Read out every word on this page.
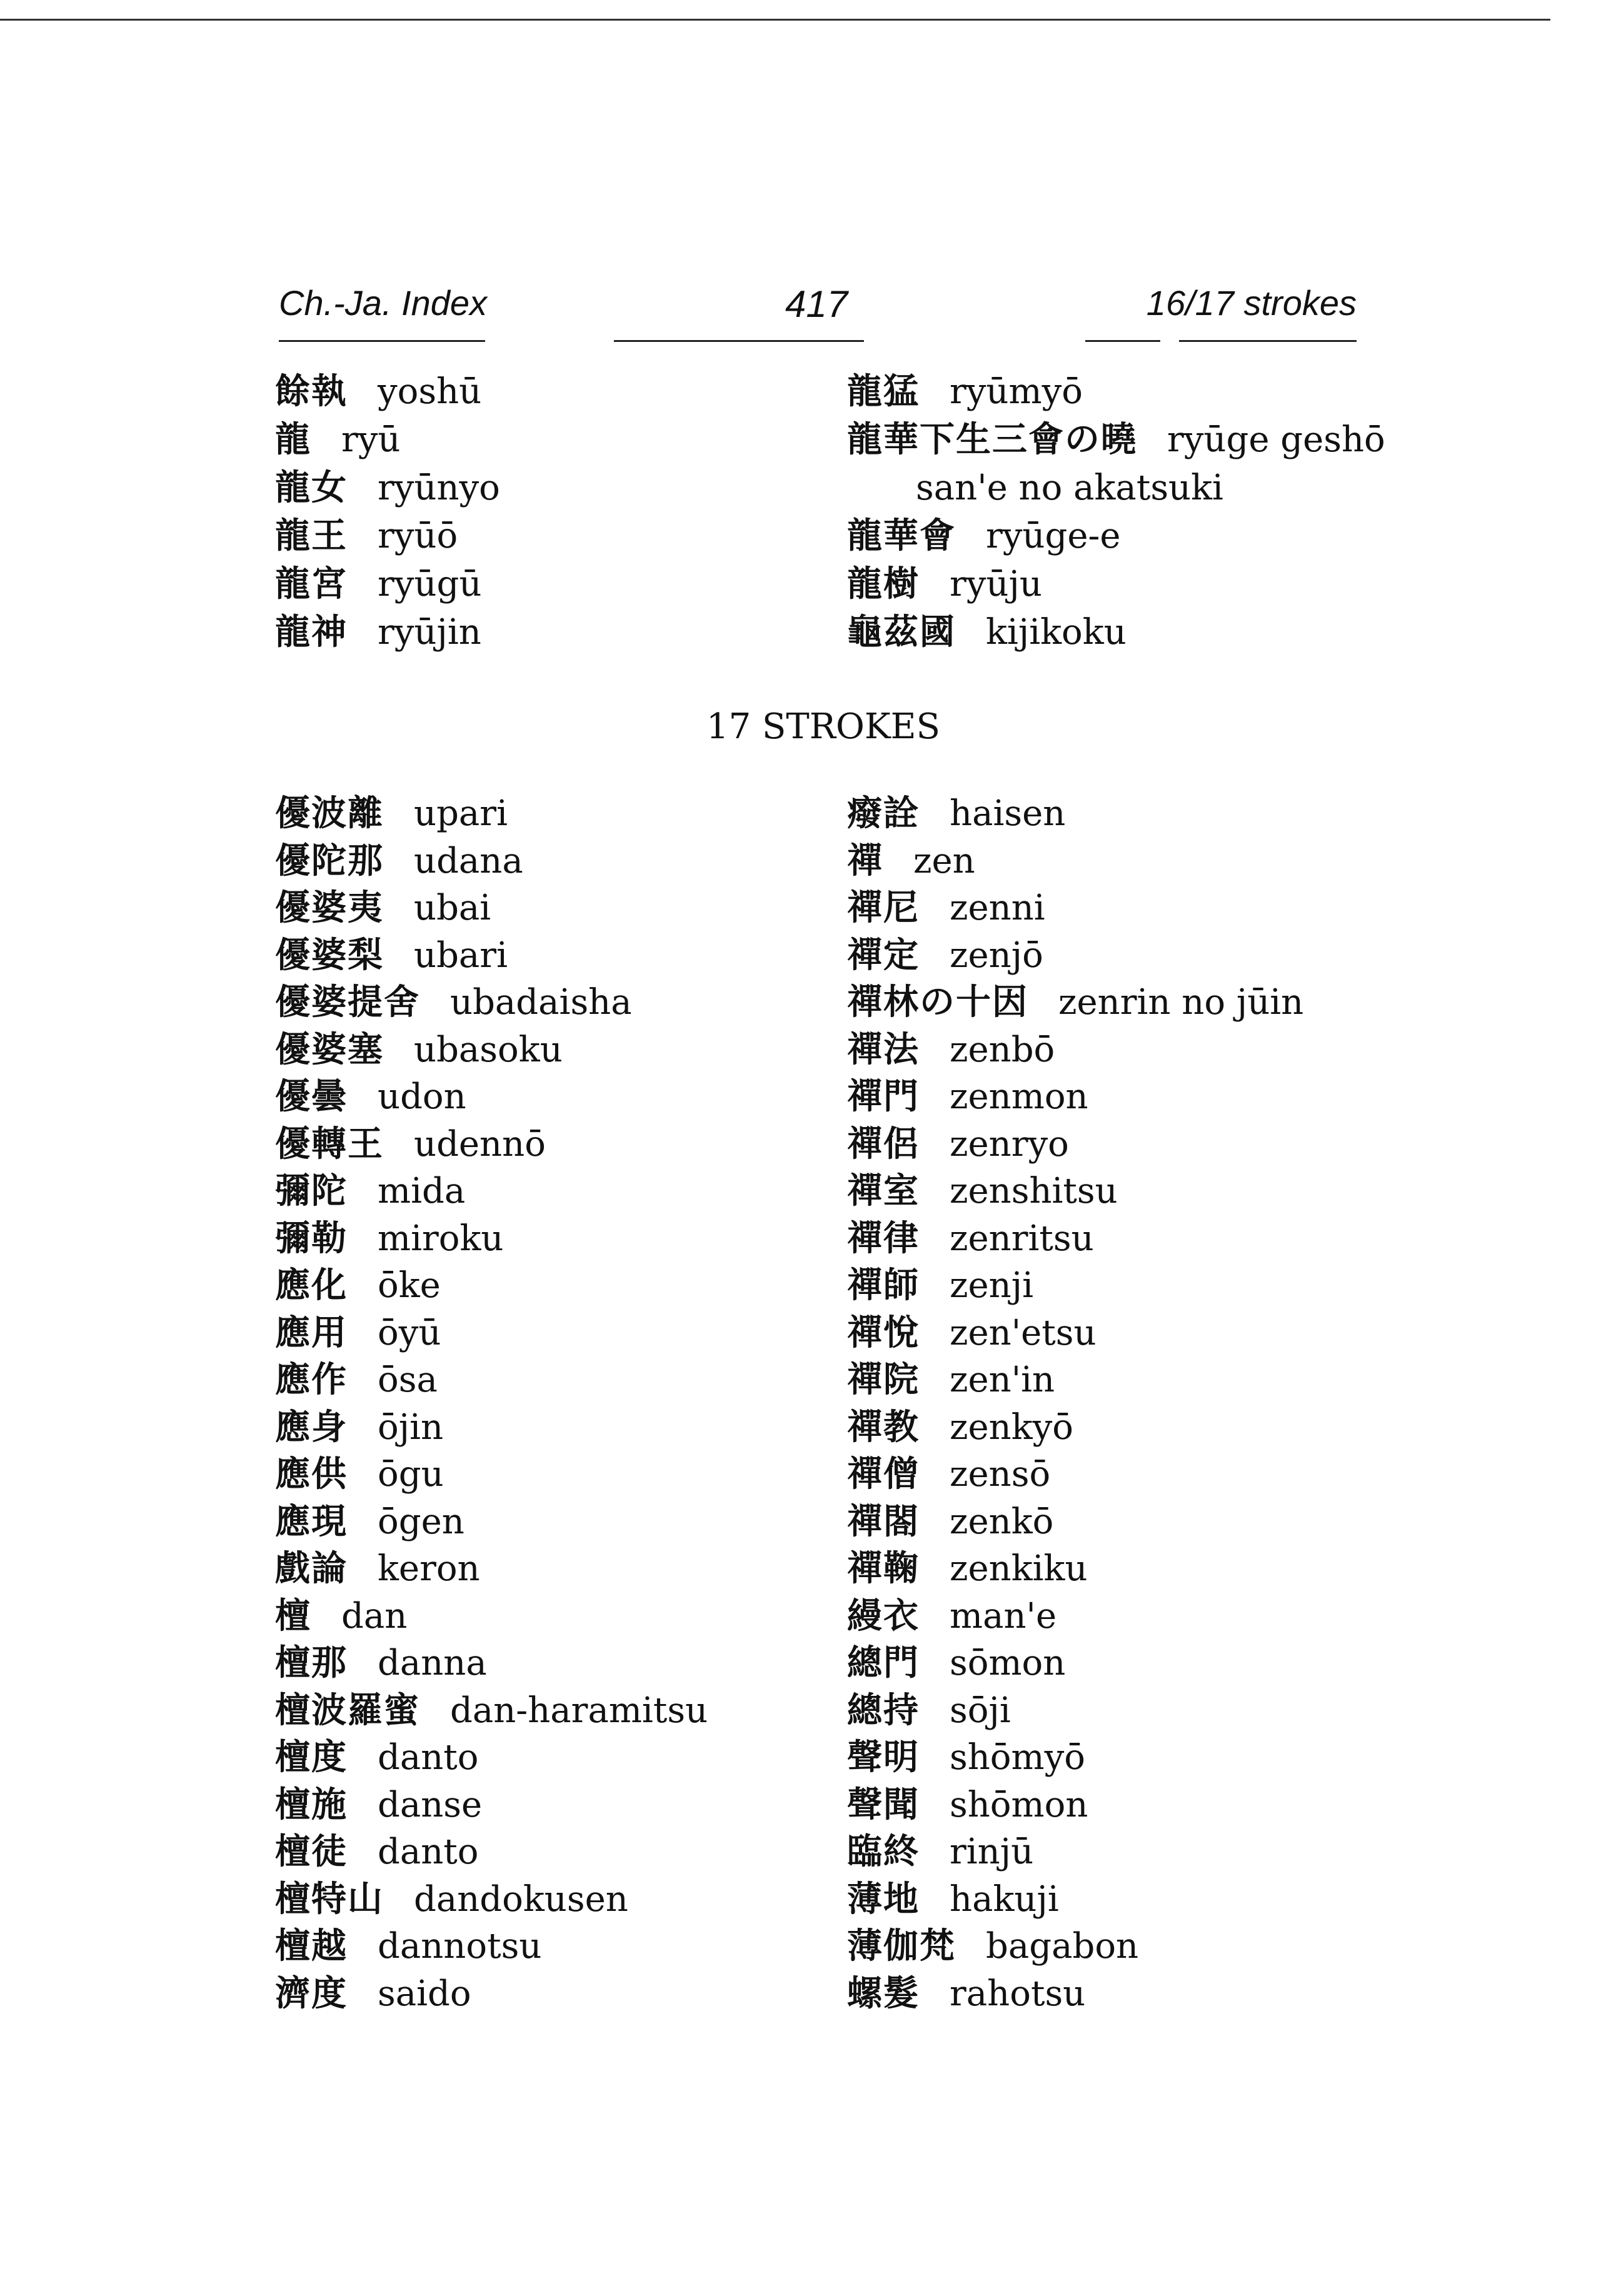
Ch.-Ja. Index	417	16/17 strokes
餘執 yoshū
龍 ryū
龍女 ryūnyo
龍王 ryūō
龍宮 ryūgū
龍神 ryūjin
龍猛 ryūmyō
龍華下生三會の曉 ryūge geshō
san'e no akatsuki
龍華會 ryūge-e
龍樹 ryūju
龜茲國 kijikoku
17 STROKES
優波離 upari
優陀那 udana
優婆夷 ubai
優婆梨 ubari
優婆提舍 ubadaisha
優婆塞 ubasoku
優曇 udon
優轉王 udennō
彌陀 mida
彌勒 miroku
應化 ōke
應用 ōyū
應作 ōsa
應身 ōjin
應供 ōgu
應現 ōgen
戲論 keron
檀 dan
檀那 danna
檀波羅蜜 dan-haramitsu
檀度 danto
檀施 danse
檀徒 danto
檀特山 dandokusen
檀越 dannotsu
濟度 saido
癈詮 haisen
禪 zen
禪尼 zenni
禪定 zenjō
禪林の十因 zenrin no jūin
禪法 zenbō
禪門 zenmon
禪侶 zenryo
禪室 zenshitsu
禪律 zenritsu
禪師 zenji
禪悅 zen'etsu
禪院 zen'in
禪教 zenkyō
禪僧 zensō
禪閤 zenkō
禪鞠 zenkiku
縵衣 man'e
總門 sōmon
總持 sōji
聲明 shōmyō
聲聞 shōmon
臨終 rinjū
薄地 hakuji
薄伽梵 bagabon
螺髮 rahotsu
